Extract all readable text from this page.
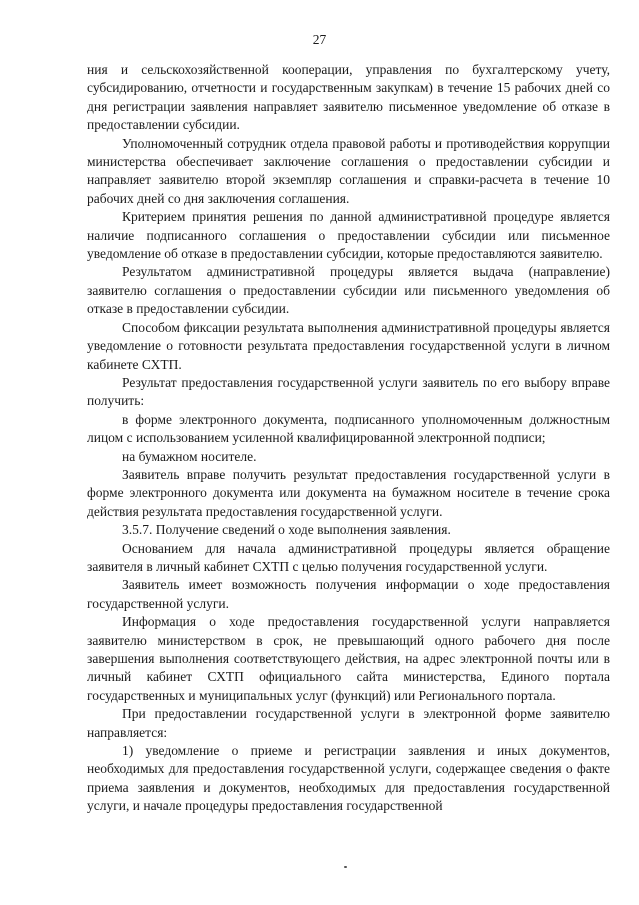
27

ния и сельскохозяйственной кооперации, управления по бухгалтерскому учету, субсидированию, отчетности и государственным закупкам) в течение 15 рабочих дней со дня регистрации заявления направляет заявителю письменное уведомление об отказе в предоставлении субсидии.

Уполномоченный сотрудник отдела правовой работы и противодействия коррупции министерства обеспечивает заключение соглашения о предоставлении субсидии и направляет заявителю второй экземпляр соглашения и справки-расчета в течение 10 рабочих дней со дня заключения соглашения.

Критерием принятия решения по данной административной процедуре является наличие подписанного соглашения о предоставлении субсидии или письменное уведомление об отказе в предоставлении субсидии, которые предоставляются заявителю.

Результатом административной процедуры является выдача (направление) заявителю соглашения о предоставлении субсидии или письменного уведомления об отказе в предоставлении субсидии.

Способом фиксации результата выполнения административной процедуры является уведомление о готовности результата предоставления государственной услуги в личном кабинете СХТП.

Результат предоставления государственной услуги заявитель по его выбору вправе получить:

в форме электронного документа, подписанного уполномоченным должностным лицом с использованием усиленной квалифицированной электронной подписи;

на бумажном носителе.

Заявитель вправе получить результат предоставления государственной услуги в форме электронного документа или документа на бумажном носителе в течение срока действия результата предоставления государственной услуги.

3.5.7. Получение сведений о ходе выполнения заявления.

Основанием для начала административной процедуры является обращение заявителя в личный кабинет СХТП с целью получения государственной услуги.

Заявитель имеет возможность получения информации о ходе предоставления государственной услуги.

Информация о ходе предоставления государственной услуги направляется заявителю министерством в срок, не превышающий одного рабочего дня после завершения выполнения соответствующего действия, на адрес электронной почты или в личный кабинет СХТП официального сайта министерства, Единого портала государственных и муниципальных услуг (функций) или Регионального портала.

При предоставлении государственной услуги в электронной форме заявителю направляется:

1) уведомление о приеме и регистрации заявления и иных документов, необходимых для предоставления государственной услуги, содержащее сведения о факте приема заявления и документов, необходимых для предоставления государственной услуги, и начале процедуры предоставления государственной
